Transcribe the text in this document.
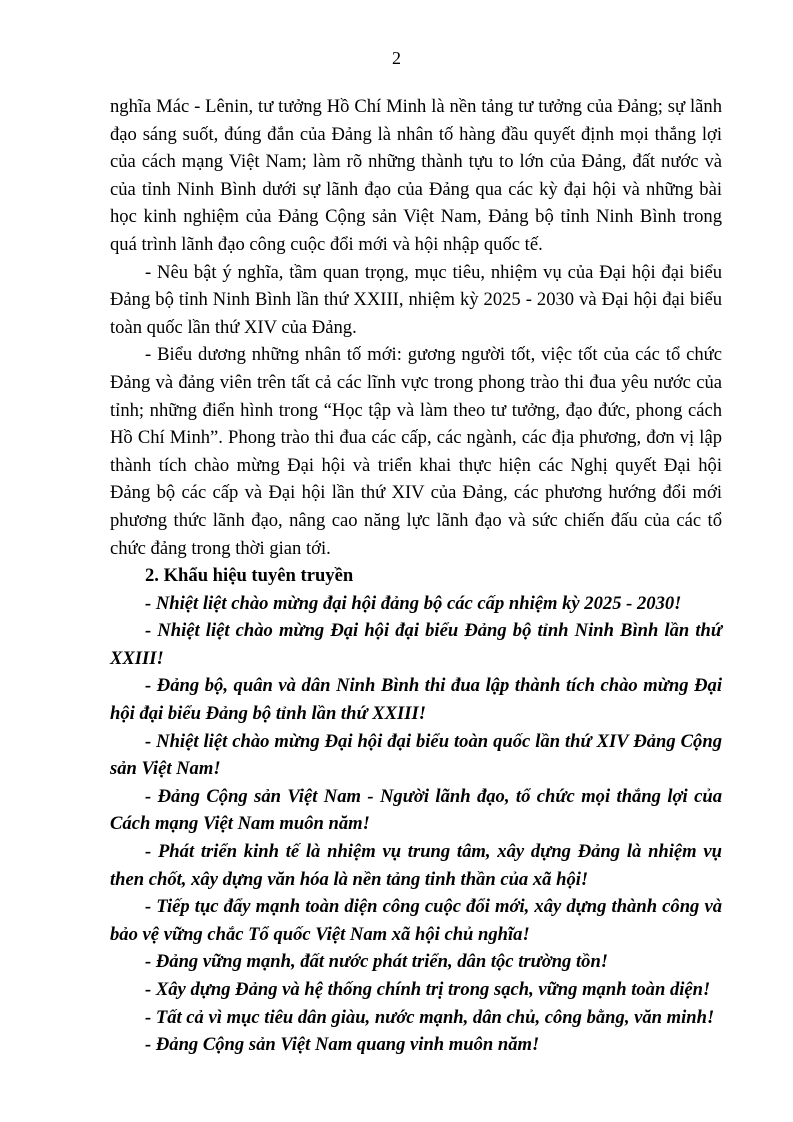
2

nghĩa Mác - Lênin, tư tưởng Hồ Chí Minh là nền tảng tư tưởng của Đảng; sự lãnh đạo sáng suốt, đúng đắn của Đảng là nhân tố hàng đầu quyết định mọi thắng lợi của cách mạng Việt Nam; làm rõ những thành tựu to lớn của Đảng, đất nước và của tỉnh Ninh Bình dưới sự lãnh đạo của Đảng qua các kỳ đại hội và những bài học kinh nghiệm của Đảng Cộng sản Việt Nam, Đảng bộ tỉnh Ninh Bình trong quá trình lãnh đạo công cuộc đổi mới và hội nhập quốc tế.

- Nêu bật ý nghĩa, tầm quan trọng, mục tiêu, nhiệm vụ của Đại hội đại biểu Đảng bộ tỉnh Ninh Bình lần thứ XXIII, nhiệm kỳ 2025 - 2030 và Đại hội đại biểu toàn quốc lần thứ XIV của Đảng.

- Biểu dương những nhân tố mới: gương người tốt, việc tốt của các tổ chức Đảng và đảng viên trên tất cả các lĩnh vực trong phong trào thi đua yêu nước của tỉnh; những điển hình trong “Học tập và làm theo tư tưởng, đạo đức, phong cách Hồ Chí Minh”. Phong trào thi đua các cấp, các ngành, các địa phương, đơn vị lập thành tích chào mừng Đại hội và triển khai thực hiện các Nghị quyết Đại hội Đảng bộ các cấp và Đại hội lần thứ XIV của Đảng, các phương hướng đổi mới phương thức lãnh đạo, nâng cao năng lực lãnh đạo và sức chiến đấu của các tổ chức đảng trong thời gian tới.

2. Khẩu hiệu tuyên truyền

- Nhiệt liệt chào mừng đại hội đảng bộ các cấp nhiệm kỳ 2025 - 2030!

- Nhiệt liệt chào mừng Đại hội đại biểu Đảng bộ tỉnh Ninh Bình lần thứ XXIII!

- Đảng bộ, quân và dân Ninh Bình thi đua lập thành tích chào mừng Đại hội đại biểu Đảng bộ tỉnh lần thứ XXIII!

- Nhiệt liệt chào mừng Đại hội đại biểu toàn quốc lần thứ XIV Đảng Cộng sản Việt Nam!

- Đảng Cộng sản Việt Nam - Người lãnh đạo, tổ chức mọi thắng lợi của Cách mạng Việt Nam muôn năm!

- Phát triển kinh tế là nhiệm vụ trung tâm, xây dựng Đảng là nhiệm vụ then chốt, xây dựng văn hóa là nền tảng tinh thần của xã hội!

- Tiếp tục đẩy mạnh toàn diện công cuộc đổi mới, xây dựng thành công và bảo vệ vững chắc Tổ quốc Việt Nam xã hội chủ nghĩa!

- Đảng vững mạnh, đất nước phát triển, dân tộc trường tồn!

- Xây dựng Đảng và hệ thống chính trị trong sạch, vững mạnh toàn diện!

- Tất cả vì mục tiêu dân giàu, nước mạnh, dân chủ, công bằng, văn minh!

- Đảng Cộng sản Việt Nam quang vinh muôn năm!
